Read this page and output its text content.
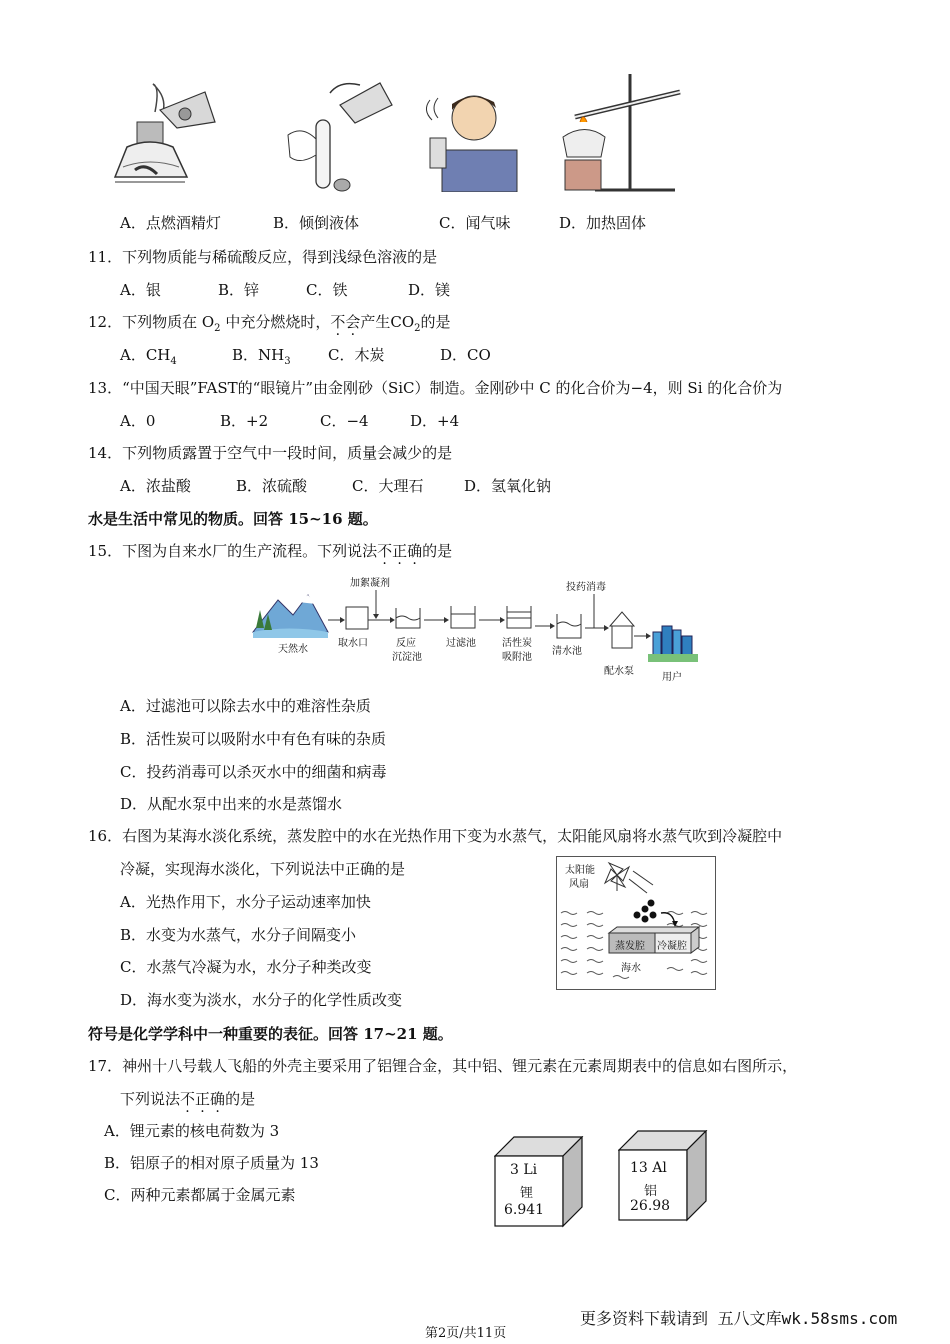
A．点燃酒精灯	B．倾倒液体	C．闻气味	D．加热固体
11．下列物质能与稀硫酸反应，得到浅绿色溶液的是
A．银	B．锌	C．铁	D．镁
12．下列物质在 $O_2$ 中充分燃烧时，不会产生$CO_2$的是
A．$CH_4$	B．$NH_3$ C．木炭	D．CO
13．“中国天眼”FAST的“眼镜片”由金刚砂（SiC）制造。金刚砂中 C 的化合价为−4，则 Si 的化合价为
A．0	B．+2	C．−4	D．+4
14．下列物质露置于空气中一段时间，质量会减少的是
A．浓盐酸	B．浓硫酸	C．大理石	D．氢氧化钠
水是生活中常见的物质。回答 15~16 题。
15．下图为自来水厂的生产流程。下列说法不正确的是
加絮凝剂	投药消毒
天然水
取水口	反应
沉淀池
过滤池	活性炭
吸附池
清水池
配水泵
用户
A．过滤池可以除去水中的难溶性杂质
B．活性炭可以吸附水中有色有味的杂质
C．投药消毒可以杀灭水中的细菌和病毒
D．从配水泵中出来的水是蒸馏水
16．右图为某海水淡化系统，蒸发腔中的水在光热作用下变为水蒸气，太阳能风扇将水蒸气吹到冷凝腔中
冷凝，实现海水淡化，下列说法中正确的是
A．光热作用下，水分子运动速率加快
B．水变为水蒸气，水分子间隔变小
C．水蒸气冷凝为水，水分子种类改变
D．海水变为淡水，水分子的化学性质改变
太阳能
风扇
蒸发腔 冷凝腔
海水
符号是化学学科中一种重要的表征。回答 17~21 题。
17．神州十八号载人飞船的外壳主要采用了铝锂合金，其中铝、锂元素在元素周期表中的信息如右图所示，
下列说法不正确的是
A．锂元素的核电荷数为 3
B．铝原子的相对原子质量为 13
C．两种元素都属于金属元素
3 Li
锂
6.941
13 Al
铝
26.98
第2页/共11页
更多资料下载请到 五八文库wk.58sms.com
